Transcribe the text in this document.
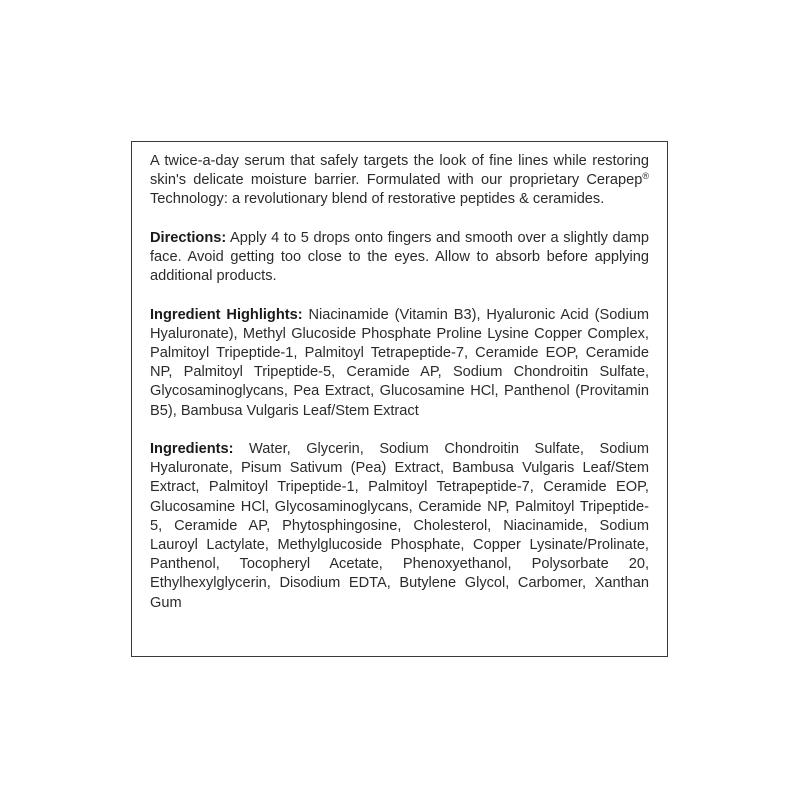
A twice-a-day serum that safely targets the look of fine lines while restoring skin's delicate moisture barrier. Formulated with our proprietary Cerapep® Technology: a revolutionary blend of restorative peptides & ceramides.

Directions: Apply 4 to 5 drops onto fingers and smooth over a slightly damp face. Avoid getting too close to the eyes. Allow to absorb before applying additional products.

Ingredient Highlights: Niacinamide (Vitamin B3), Hyaluronic Acid (Sodium Hyaluronate), Methyl Glucoside Phosphate Proline Lysine Copper Complex, Palmitoyl Tripeptide-1, Palmitoyl Tetrapeptide-7, Ceramide EOP, Ceramide NP, Palmitoyl Tripeptide-5, Ceramide AP, Sodium Chondroitin Sulfate, Glycosaminoglycans, Pea Extract, Glucosamine HCl, Panthenol (Provitamin B5), Bambusa Vulgaris Leaf/Stem Extract

Ingredients: Water, Glycerin, Sodium Chondroitin Sulfate, Sodium Hyaluronate, Pisum Sativum (Pea) Extract, Bambusa Vulgaris Leaf/Stem Extract, Palmitoyl Tripeptide-1, Palmitoyl Tetrapeptide-7, Ceramide EOP, Glucosamine HCl, Glycosaminoglycans, Ceramide NP, Palmitoyl Tripeptide-5, Ceramide AP, Phytosphingosine, Cholesterol, Niacinamide, Sodium Lauroyl Lactylate, Methylglucoside Phosphate, Copper Lysinate/Prolinate, Panthenol, Tocopheryl Acetate, Phenoxyethanol, Polysorbate 20, Ethylhexylglycerin, Disodium EDTA, Butylene Glycol, Carbomer, Xanthan Gum
